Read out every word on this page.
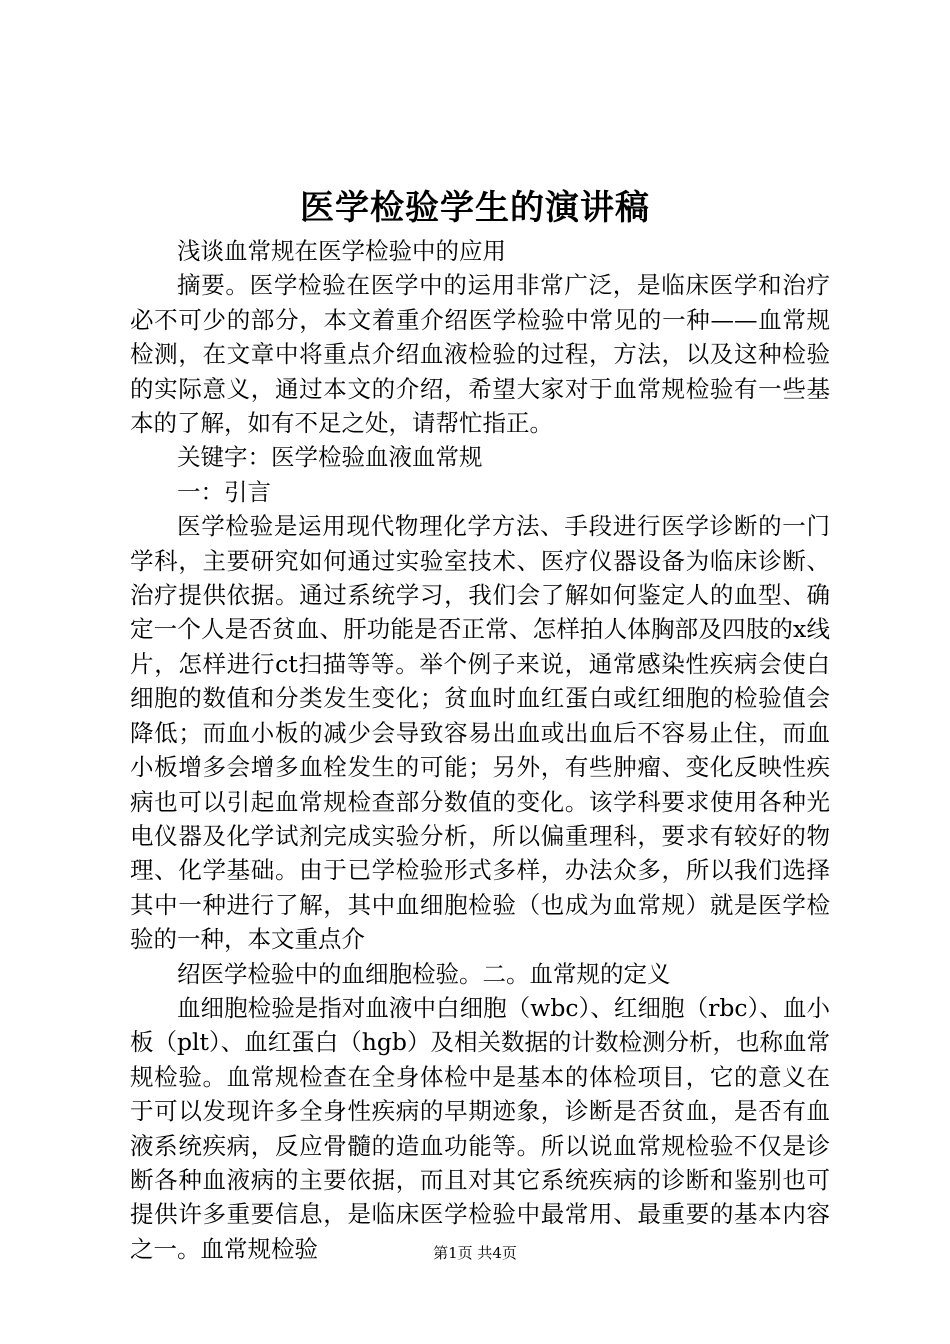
医学检验学生的演讲稿

浅谈血常规在医学检验中的应用

摘要。医学检验在医学中的运用非常广泛，是临床医学和治疗必不可少的部分，本文着重介绍医学检验中常见的一种——血常规检测，在文章中将重点介绍血液检验的过程，方法，以及这种检验的实际意义，通过本文的介绍，希望大家对于血常规检验有一些基本的了解，如有不足之处，请帮忙指正。

关键字：医学检验血液血常规

一：引言

医学检验是运用现代物理化学方法、手段进行医学诊断的一门学科，主要研究如何通过实验室技术、医疗仪器设备为临床诊断、治疗提供依据。通过系统学习，我们会了解如何鉴定人的血型、确定一个人是否贫血、肝功能是否正常、怎样拍人体胸部及四肢的x线片，怎样进行ct扫描等等。举个例子来说，通常感染性疾病会使白细胞的数值和分类发生变化；贫血时血红蛋白或红细胞的检验值会降低；而血小板的减少会导致容易出血或出血后不容易止住，而血小板增多会增多血栓发生的可能；另外，有些肿瘤、变化反映性疾病也可以引起血常规检查部分数值的变化。该学科要求使用各种光电仪器及化学试剂完成实验分析，所以偏重理科，要求有较好的物理、化学基础。由于已学检验形式多样，办法众多，所以我们选择其中一种进行了解，其中血细胞检验（也成为血常规）就是医学检验的一种，本文重点介

绍医学检验中的血细胞检验。二。血常规的定义

血细胞检验是指对血液中白细胞（wbc）、红细胞（rbc）、血小板（plt）、血红蛋白（hgb）及相关数据的计数检测分析，也称血常规检验。血常规检查在全身体检中是基本的体检项目，它的意义在于可以发现许多全身性疾病的早期迹象，诊断是否贫血，是否有血液系统疾病，反应骨髓的造血功能等。所以说血常规检验不仅是诊断各种血液病的主要依据，而且对其它系统疾病的诊断和鉴别也可提供许多重要信息，是临床医学检验中最常用、最重要的基本内容之一。血常规检验	第1页 共4页
